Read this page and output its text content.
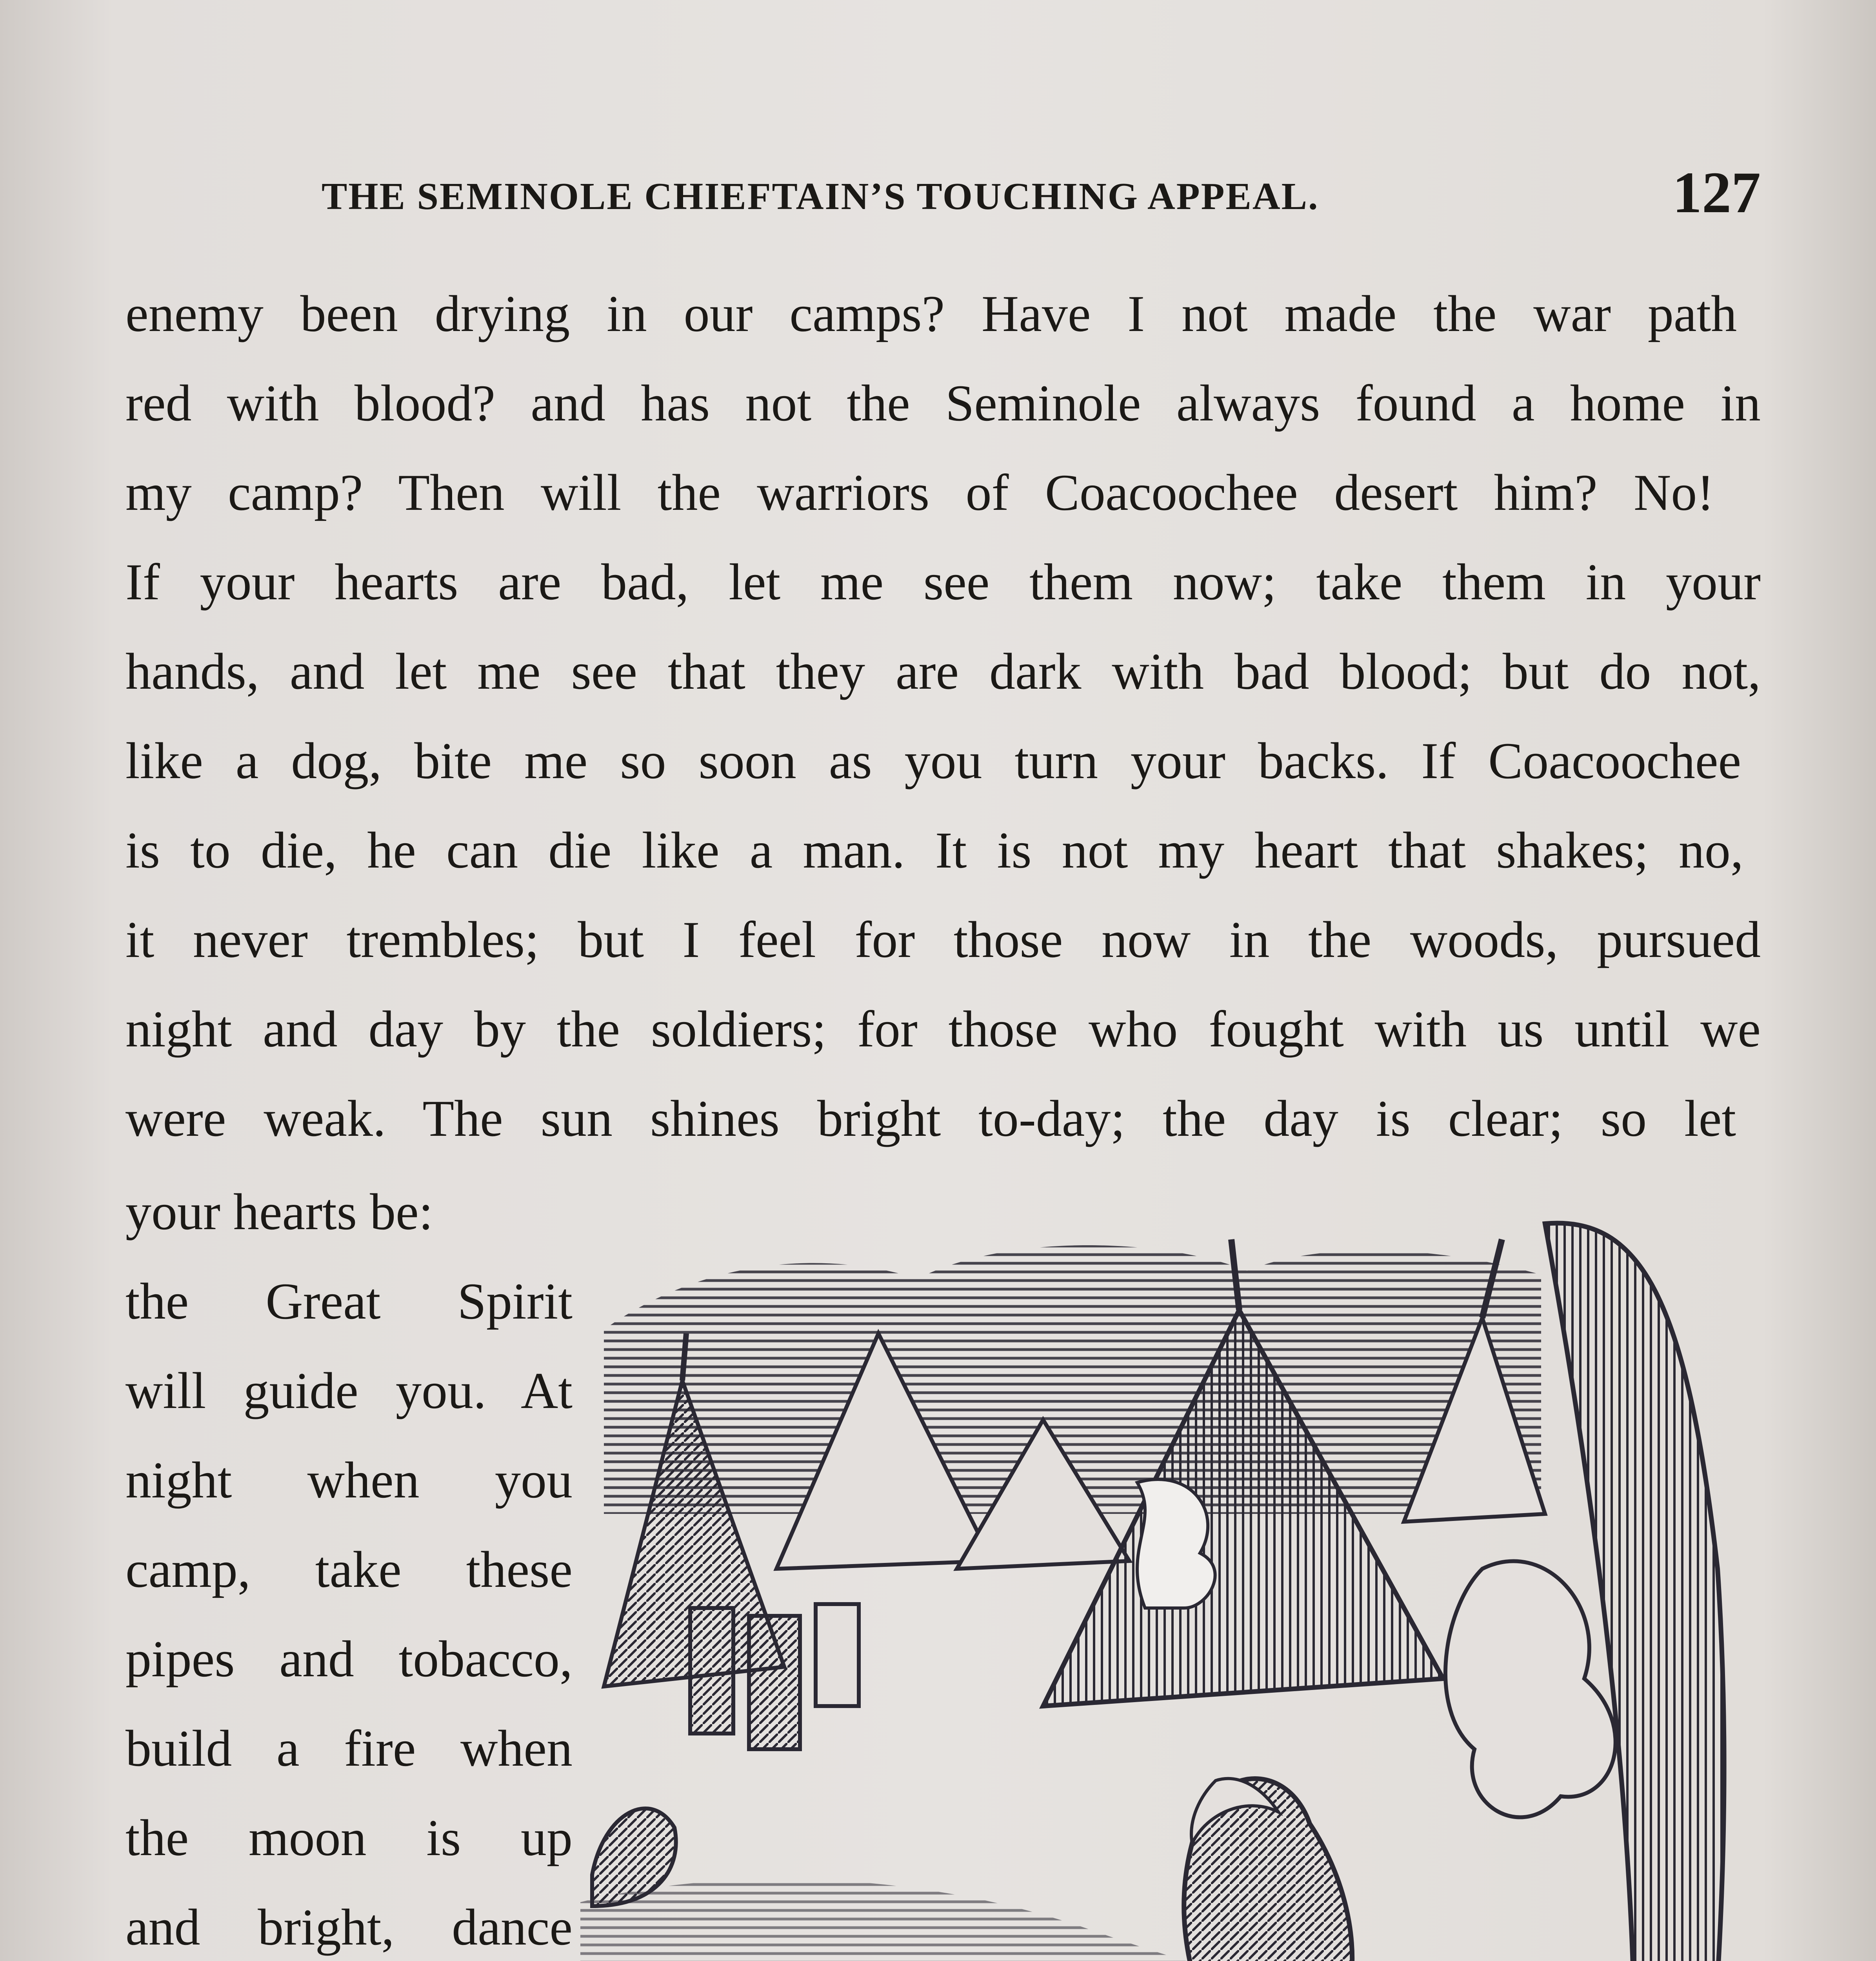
THE SEMINOLE CHIEFTAIN’S TOUCHING APPEAL.	127
enemy been drying in our camps? Have I not made the war path
red with blood? and has not the Seminole always found a home in
my camp? Then will the warriors of Coacoochee desert him? No!
If your hearts are bad, let me see them now; take them in your
hands, and let me see that they are dark with bad blood; but do not,
like a dog, bite me so soon as you turn your backs. If Coacoochee
is to die, he can die like a man. It is not my heart that shakes; no,
it never trembles; but I feel for those now in the woods, pursued
night and day by the soldiers; for those who fought with us until we
were weak. The sun shines bright to-day; the day is clear; so let
your hearts be:
the Great Spirit
will guide you. At
night when you
camp, take these
pipes and tobacco,
build a fire when
the moon is up
and bright, dance
